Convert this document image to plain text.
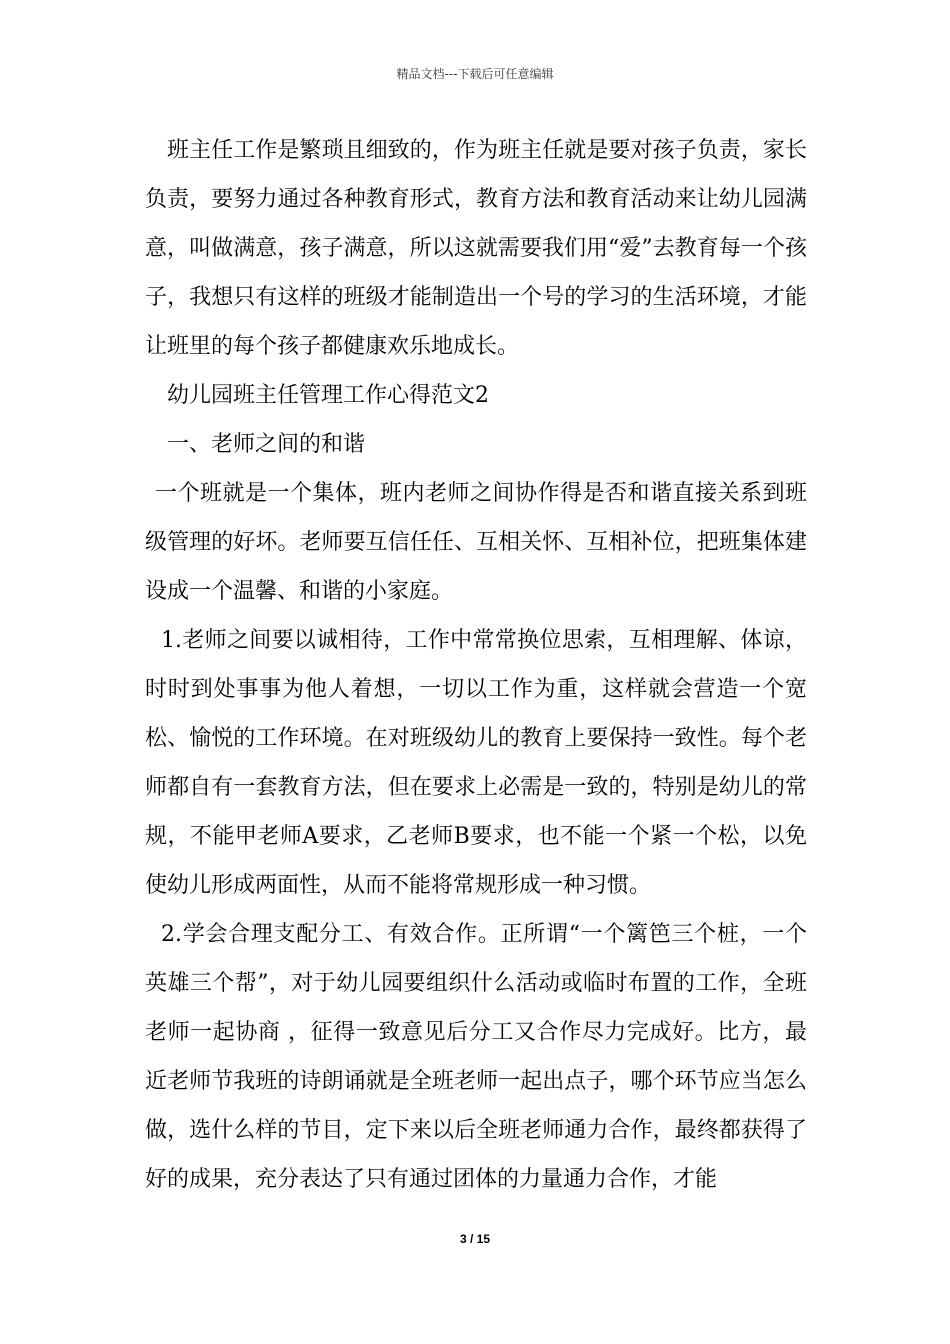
精品文档---下载后可任意编辑

班主任工作是繁琐且细致的，作为班主任就是要对孩子负责，家长负责，要努力通过各种教育形式，教育方法和教育活动来让幼儿园满意，叫做满意，孩子满意，所以这就需要我们用“爱”去教育每一个孩子，我想只有这样的班级才能制造出一个号的学习的生活环境，才能让班里的每个孩子都健康欢乐地成长。

幼儿园班主任管理工作心得范文2

一、老师之间的和谐

一个班就是一个集体，班内老师之间协作得是否和谐直接关系到班级管理的好坏。老师要互信任任、互相关怀、互相补位，把班集体建设成一个温馨、和谐的小家庭。

1.老师之间要以诚相待，工作中常常换位思索，互相理解、体谅，时时到处事事为他人着想，一切以工作为重，这样就会营造一个宽松、愉悦的工作环境。在对班级幼儿的教育上要保持一致性。每个老师都自有一套教育方法，但在要求上必需是一致的，特别是幼儿的常规，不能甲老师A要求，乙老师B要求，也不能一个紧一个松，以免使幼儿形成两面性，从而不能将常规形成一种习惯。

2.学会合理支配分工、有效合作。正所谓“一个篱笆三个桩，一个英雄三个帮”，对于幼儿园要组织什么活动或临时布置的工作，全班老师一起协商 ，征得一致意见后分工又合作尽力完成好。比方，最近老师节我班的诗朗诵就是全班老师一起出点子，哪个环节应当怎么做，选什么样的节目，定下来以后全班老师通力合作，最终都获得了好的成果，充分表达了只有通过团体的力量通力合作，才能

3 / 15
